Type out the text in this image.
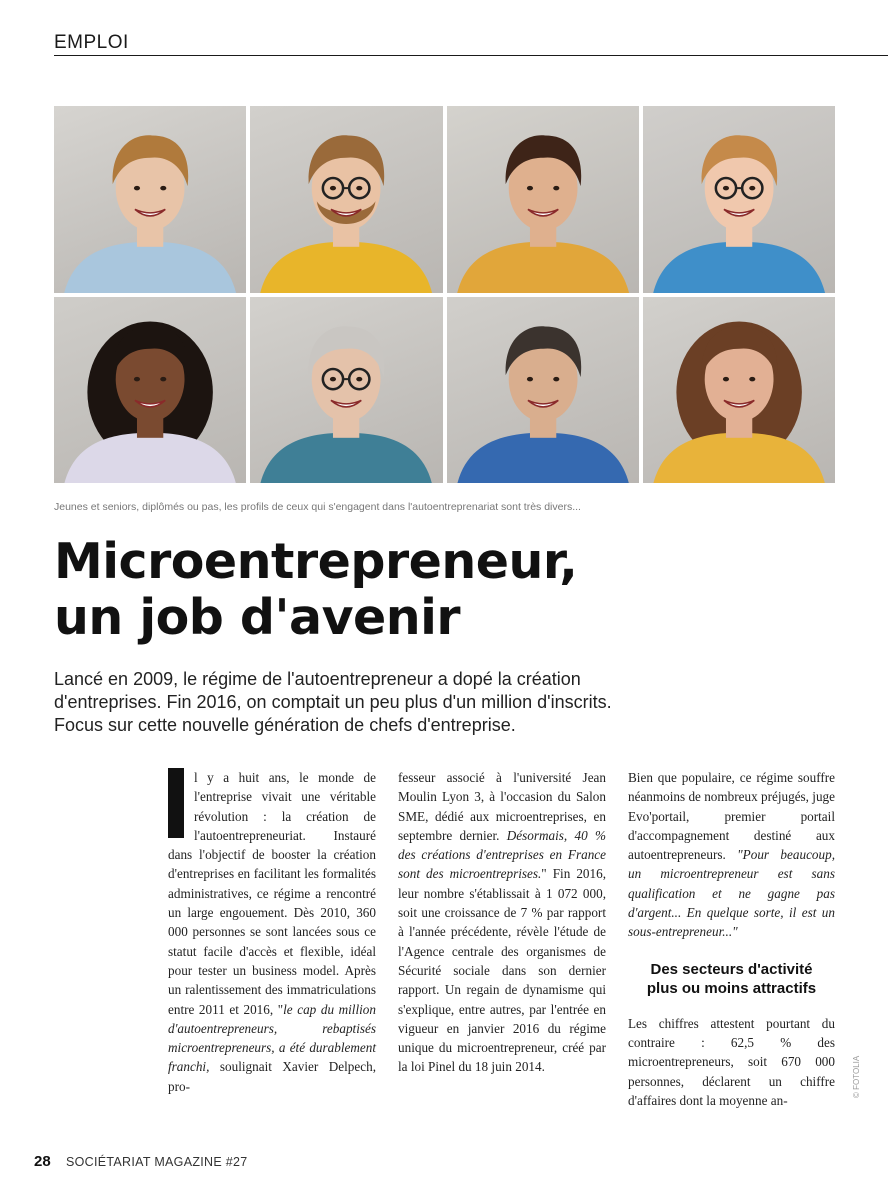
EMPLOI
Jeunes et seniors, diplômés ou pas, les profils de ceux qui s'engagent dans l'autoentreprenariat sont très divers...
Microentrepreneur,
un job d'avenir
Lancé en 2009, le régime de l'autoentrepreneur a dopé la création
d'entreprises. Fin 2016, on comptait un peu plus d'un million d'inscrits.
Focus sur cette nouvelle génération de chefs d'entreprise.
l y a huit ans, le monde de l'entreprise vivait une véritable révolution : la création de l'autoentrepreneuriat. Instauré dans l'objectif de booster la création d'entreprises en facilitant les formalités administratives, ce régime a rencontré un large engouement. Dès 2010, 360 000 personnes se sont lancées sous ce statut facile d'accès et flexible, idéal pour tester un business model. Après un ralentissement des immatriculations entre 2011 et 2016, "le cap du million d'autoentrepreneurs, rebaptisés microentrepreneurs, a été durablement franchi, soulignait Xavier Delpech, pro-
fesseur associé à l'université Jean Moulin Lyon 3, à l'occasion du Salon SME, dédié aux microentreprises, en septembre dernier. Désormais, 40 % des créations d'entreprises en France sont des microentreprises." Fin 2016, leur nombre s'établissait à 1 072 000, soit une croissance de 7 % par rapport à l'année précédente, révèle l'étude de l'Agence centrale des organismes de Sécurité sociale dans son dernier rapport. Un regain de dynamisme qui s'explique, entre autres, par l'entrée en vigueur en janvier 2016 du régime unique du microentrepreneur, créé par la loi Pinel du 18 juin 2014.
Bien que populaire, ce régime souffre néanmoins de nombreux préjugés, juge Evo'portail, premier portail d'accompagnement destiné aux autoentrepreneurs. "Pour beaucoup, un microentrepreneur est sans qualification et ne gagne pas d'argent... En quelque sorte, il est un sous-entrepreneur..."
Des secteurs d'activité
plus ou moins attractifs
Les chiffres attestent pourtant du contraire : 62,5 % des microentrepreneurs, soit 670 000 personnes, déclarent un chiffre d'affaires dont la moyenne an-
© FOTOLIA
28 SOCIÉTARIAT MAGAZINE #27
